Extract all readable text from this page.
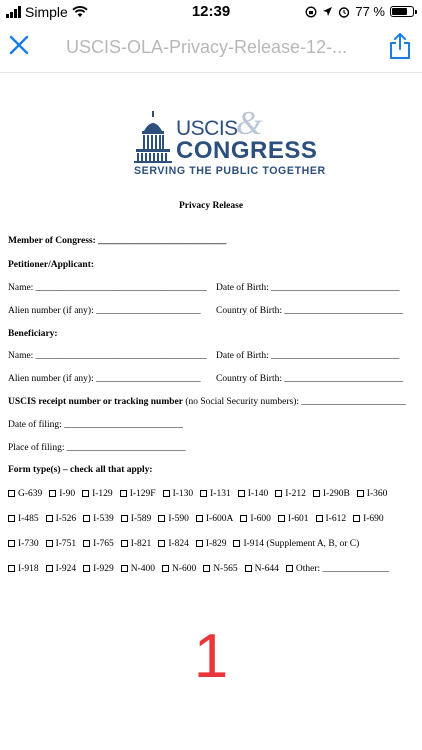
Simple	12:39	77 %
USCIS-OLA-Privacy-Release-12-...
USCIS
&
CONGRESS
SERVING THE PUBLIC TOGETHER
Privacy Release
Member of Congress: ___________________________
Petitioner/Applicant:
Name: ____________________________________ Date of Birth: ___________________________
Alien number (if any): ______________________ Country of Birth: _________________________
Beneficiary:
Name: ____________________________________ Date of Birth: ___________________________
Alien number (if any): ______________________ Country of Birth: _________________________
USCIS receipt number or tracking number (no Social Security numbers): ______________________
Date of filing: _________________________
Place of filing: _________________________
Form type(s) – check all that apply:
G-639	I-90	I-129	I-129F	I-130	I-131	I-140	I-212	I-290B	I-360
I-485	I-526	I-539	I-589	I-590	I-600A	I-600	I-601	I-612	I-690
I-730	I-751	I-765	I-821	I-824	I-829	I-914 (Supplement A, B, or C)
I-918	I-924	I-929	N-400	N-600	N-565	N-644	Other: ______________
1
